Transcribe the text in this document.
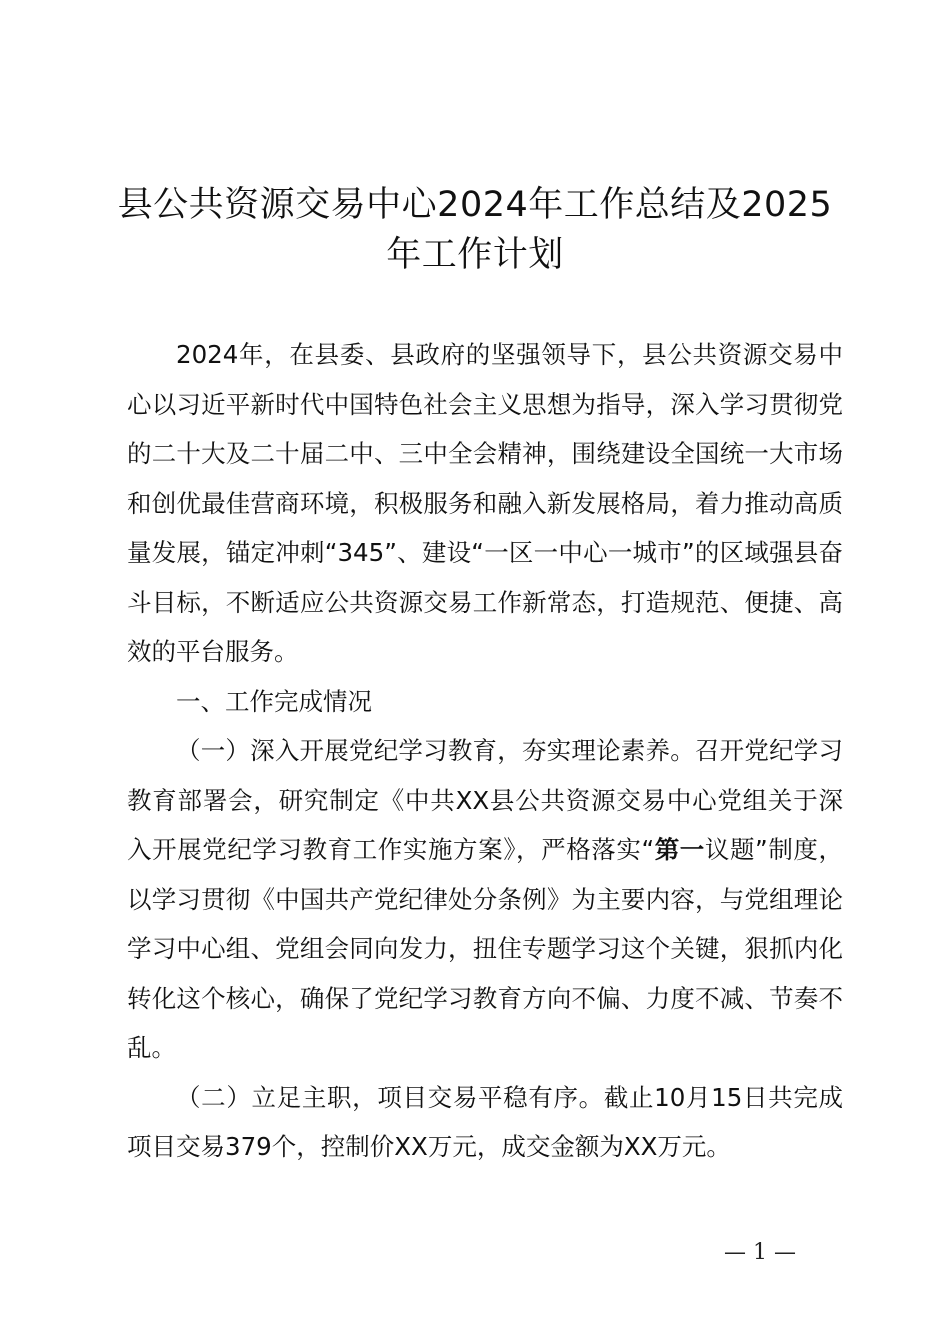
县公共资源交易中心2024年工作总结及2025
年工作计划

2024年，在县委、县政府的坚强领导下，县公共资源交易中心以习近平新时代中国特色社会主义思想为指导，深入学习贯彻党的二十大及二十届二中、三中全会精神，围绕建设全国统一大市场和创优最佳营商环境，积极服务和融入新发展格局，着力推动高质量发展，锚定冲刺“345”、建设“一区一中心一城市”的区域强县奋斗目标，不断适应公共资源交易工作新常态，打造规范、便捷、高效的平台服务。

一、工作完成情况

（一）深入开展党纪学习教育，夯实理论素养。召开党纪学习教育部署会，研究制定《中共XX县公共资源交易中心党组关于深入开展党纪学习教育工作实施方案》，严格落实“第一议题”制度，以学习贯彻《中国共产党纪律处分条例》为主要内容，与党组理论学习中心组、党组会同向发力，扭住专题学习这个关键，狠抓内化转化这个核心，确保了党纪学习教育方向不偏、力度不减、节奏不乱。

（二）立足主职，项目交易平稳有序。截止10月15日共完成项目交易379个，控制价XX万元，成交金额为XX万元。

— 1 —
